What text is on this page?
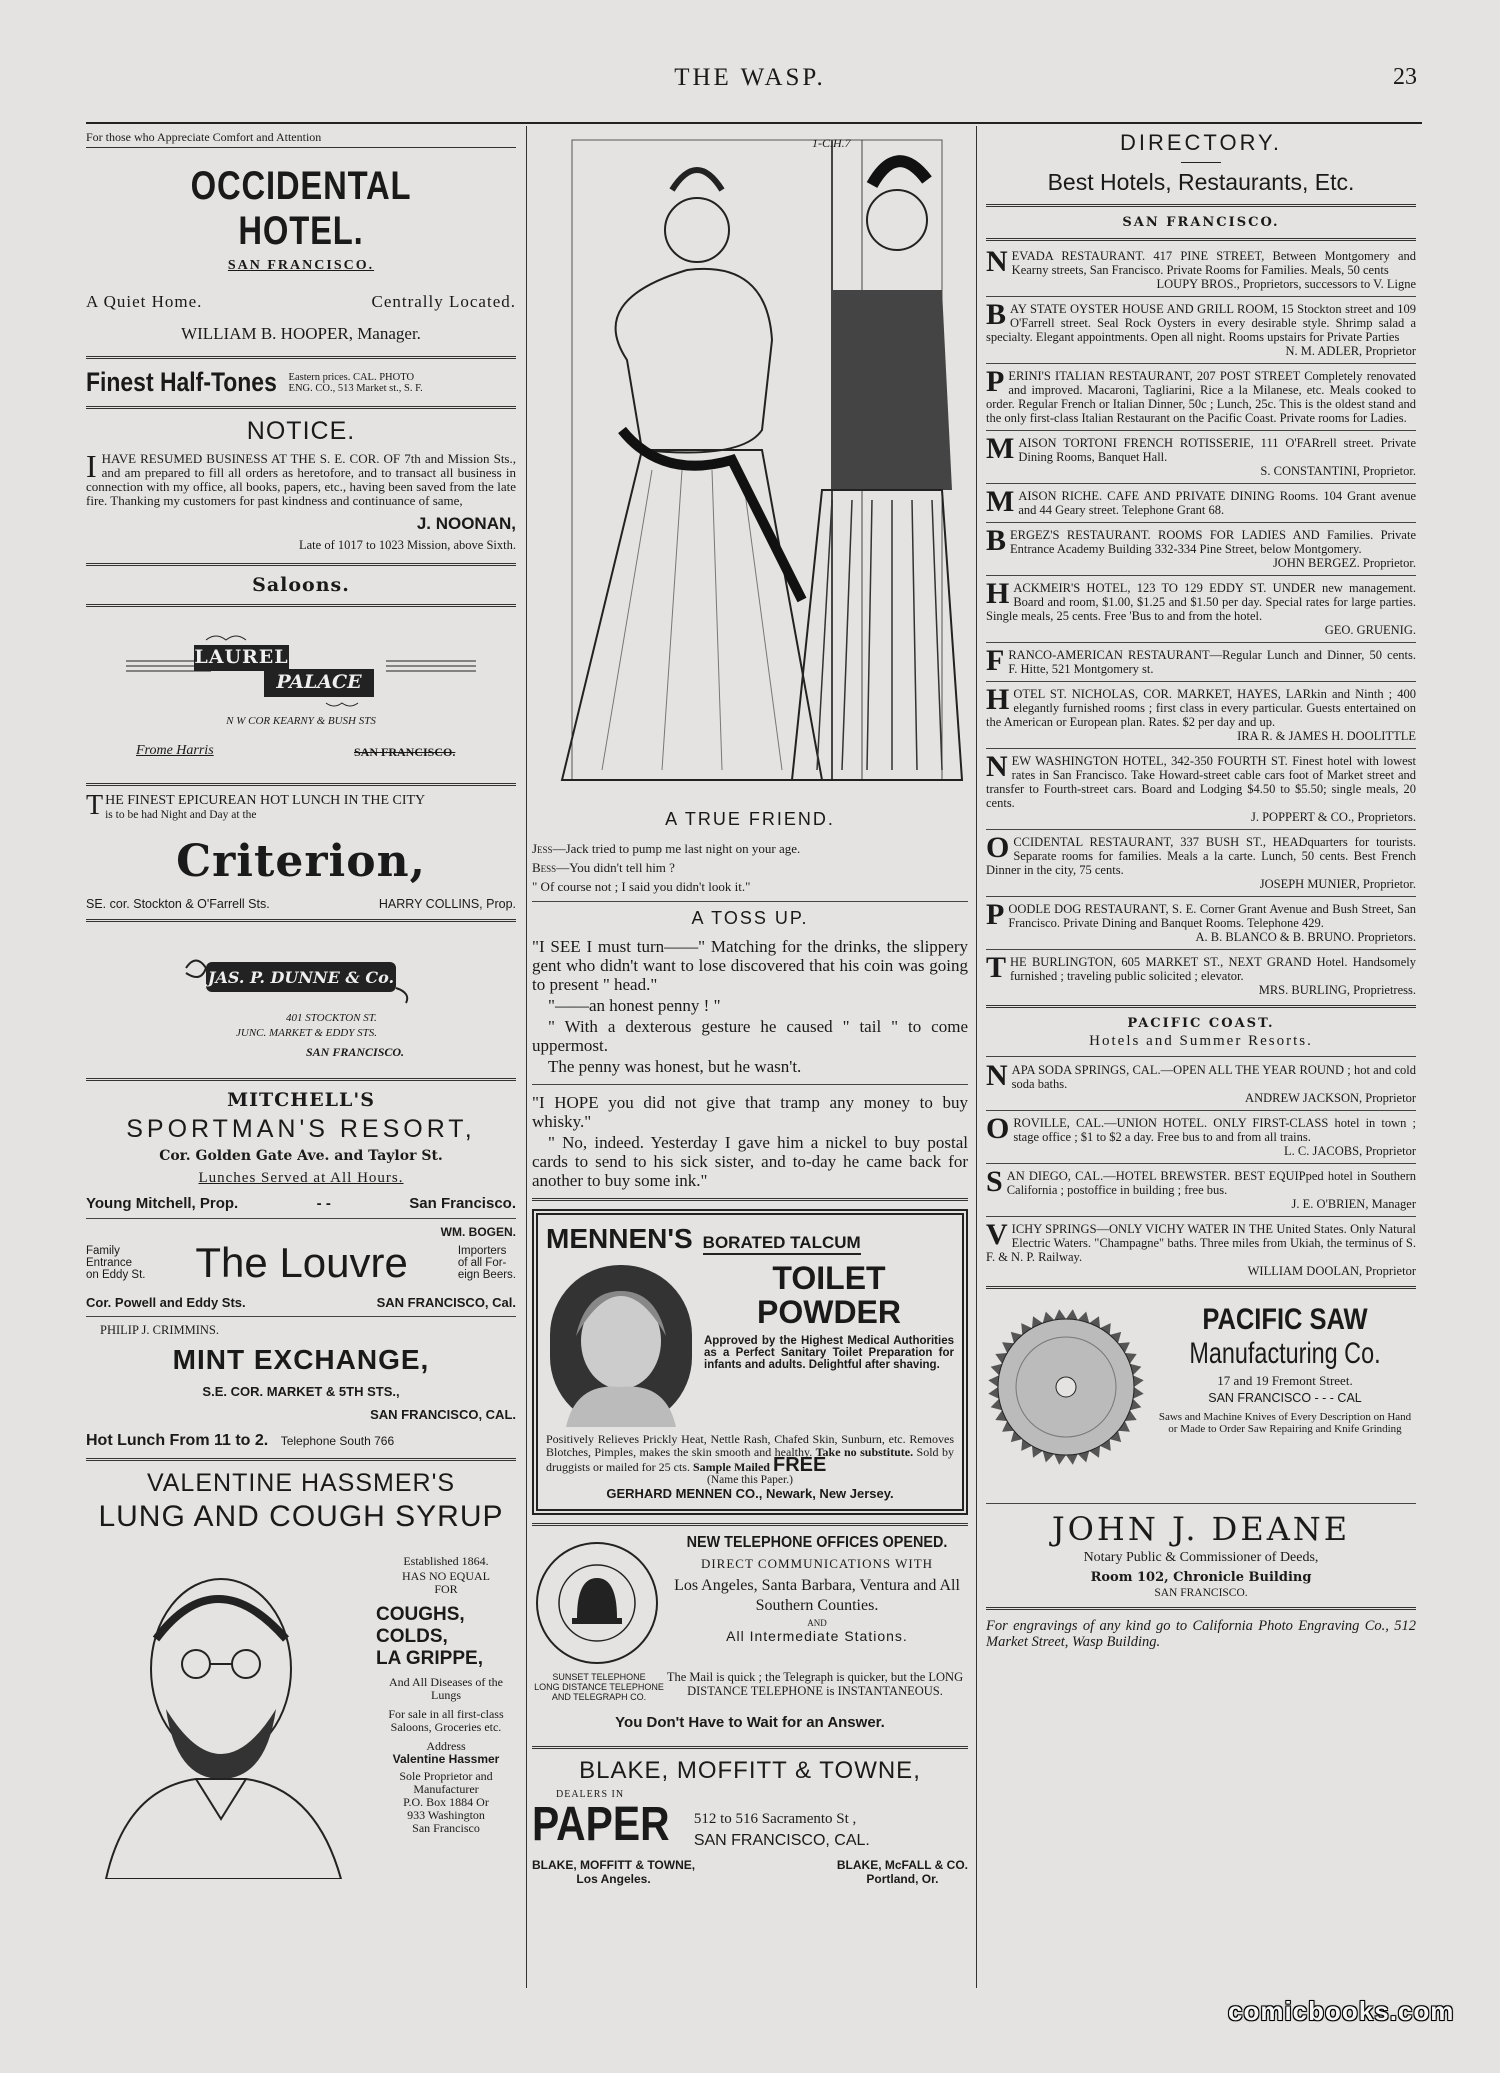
THE WASP.	23
For those who Appreciate Comfort and Attention
OCCIDENTAL HOTEL.
SAN FRANCISCO.
A Quiet Home.	Centrally Located.
WILLIAM B. HOOPER, Manager.
Finest Half-Tones Eastern prices. CAL. PHOTO
ENG. CO., 513 Market st., S. F.
NOTICE.
I HAVE RESUMED BUSINESS AT THE S. E. COR. OF 7th and Mission Sts., and am prepared to fill all orders as heretofore, and to transact all business in connection with my office, all books, papers, etc., having been saved from the late fire. Thanking my customers for past kindness and continuance of same,
J. NOONAN,
Late of 1017 to 1023 Mission, above Sixth.
Saloons.
LAUREL
PALACE
N W COR KEARNY & BUSH STS
Frome Harris	SAN FRANCISCO.
T HE FINEST EPICUREAN HOT LUNCH IN THE CITY
is to be had Night and Day at the
Criterion,
SE. cor. Stockton & O'Farrell Sts.	HARRY COLLINS, Prop.
JAS. P. DUNNE & Co.
401 STOCKTON ST.
JUNC. MARKET & EDDY STS.
SAN FRANCISCO.
MITCHELL'S
SPORTMAN'S RESORT,
Cor. Golden Gate Ave. and Taylor St.
Lunches Served at All Hours.
Young Mitchell, Prop.	- -	San Francisco.
WM. BOGEN.
Family
Entrance
on Eddy St. The Louvre	Importers
of all For-
eign Beers.
Cor. Powell and Eddy Sts.	SAN FRANCISCO, Cal.
PHILIP J. CRIMMINS.
MINT EXCHANGE,
S.E. COR. MARKET & 5TH STS.,
SAN FRANCISCO, CAL.
Hot Lunch From 11 to 2. Telephone South 766
VALENTINE HASSMER'S
LUNG AND COUGH SYRUP
Established 1864.
HAS NO EQUAL
FOR
COUGHS,
COLDS,
LA GRIPPE,
And All Diseases of the Lungs
For sale in all first-class Saloons, Groceries etc.
Address
Valentine Hassmer
Sole Proprietor and Manufacturer
P.O. Box 1884 Or
933 Washington
San Francisco
1-C.H.7
A TRUE FRIEND.

Jess—Jack tried to pump me last night on your age.

Bess—You didn't tell him ?

" Of course not ; I said you didn't look it."

A TOSS UP.

"I SEE I must turn——" Matching for the drinks, the slippery gent who didn't want to lose discovered that his coin was going to present " head."

"——an honest penny ! "

" With a dexterous gesture he caused " tail " to come uppermost.

The penny was honest, but he wasn't.

"I HOPE you did not give that tramp any money to buy whisky."

" No, indeed. Yesterday I gave him a nickel to buy postal cards to send to his sick sister, and to-day he came back for another to buy some ink."

MENNEN'S BORATED TALCUM
TOILET
POWDER
Approved by the Highest Medical Authorities as a Perfect Sanitary Toilet Preparation for infants and adults. Delightful after shaving.
Positively Relieves Prickly Heat, Nettle Rash, Chafed Skin, Sunburn, etc. Removes Blotches, Pimples, makes the skin smooth and healthy. Take no substitute. Sold by druggists or mailed for 25 cts. Sample Mailed FREE
(Name this Paper.)
GERHARD MENNEN CO., Newark, New Jersey.
SUNSET TELEPHONE
LONG DISTANCE TELEPHONE
AND TELEGRAPH CO.
NEW TELEPHONE OFFICES OPENED.
DIRECT COMMUNICATIONS WITH
Los Angeles, Santa Barbara, Ventura and All Southern Counties.
AND
All Intermediate Stations.
The Mail is quick ; the Telegraph is quicker, but the LONG DISTANCE TELEPHONE is INSTANTANEOUS.
You Don't Have to Wait for an Answer.
BLAKE, MOFFITT & TOWNE,
DEALERS IN
PAPER 512 to 516 Sacramento St ,
SAN FRANCISCO, CAL.
BLAKE, MOFFITT & TOWNE,
Los Angeles.
BLAKE, McFALL & CO.
Portland, Or.
DIRECTORY.
Best Hotels, Restaurants, Etc.
SAN FRANCISCO.
NEVADA RESTAURANT. 417 PINE STREET, Between Montgomery and Kearny streets, San Francisco. Private Rooms for Families. Meals, 50 cents
LOUPY BROS., Proprietors, successors to V. Ligne
BAY STATE OYSTER HOUSE AND GRILL ROOM, 15 Stockton street and 109 O'Farrell street. Seal Rock Oysters in every desirable style. Shrimp salad a specialty. Elegant appointments. Open all night. Rooms upstairs for Private Parties
N. M. ADLER, Proprietor
PERINI'S ITALIAN RESTAURANT, 207 POST STREET Completely renovated and improved. Macaroni, Tagliarini, Rice a la Milanese, etc. Meals cooked to order. Regular French or Italian Dinner, 50c ; Lunch, 25c. This is the oldest stand and the only first-class Italian Restaurant on the Pacific Coast. Private rooms for Ladies.
MAISON TORTONI FRENCH ROTISSERIE, 111 O'FARrell street. Private Dining Rooms, Banquet Hall.
S. CONSTANTINI, Proprietor.
MAISON RICHE. CAFE AND PRIVATE DINING Rooms. 104 Grant avenue and 44 Geary street. Telephone Grant 68.
BERGEZ'S RESTAURANT. ROOMS FOR LADIES AND Families. Private Entrance Academy Building 332-334 Pine Street, below Montgomery.
JOHN BERGEZ. Proprietor.
HACKMEIR'S HOTEL, 123 TO 129 EDDY ST. UNDER new management. Board and room, $1.00, $1.25 and $1.50 per day. Special rates for large parties. Single meals, 25 cents. Free 'Bus to and from the hotel.
GEO. GRUENIG.
FRANCO-AMERICAN RESTAURANT—Regular Lunch and Dinner, 50 cents. F. Hitte, 521 Montgomery st.
HOTEL ST. NICHOLAS, COR. MARKET, HAYES, LARkin and Ninth ; 400 elegantly furnished rooms ; first class in every particular. Guests entertained on the American or European plan. Rates. $2 per day and up.
IRA R. & JAMES H. DOOLITTLE
NEW WASHINGTON HOTEL, 342-350 FOURTH ST. Finest hotel with lowest rates in San Francisco. Take Howard-street cable cars foot of Market street and transfer to Fourth-street cars. Board and Lodging $4.50 to $5.50; single meals, 20 cents.
J. POPPERT & CO., Proprietors.
OCCIDENTAL RESTAURANT, 337 BUSH ST., HEADquarters for tourists. Separate rooms for families. Meals a la carte. Lunch, 50 cents. Best French Dinner in the city, 75 cents.
JOSEPH MUNIER, Proprietor.
POODLE DOG RESTAURANT, S. E. Corner Grant Avenue and Bush Street, San Francisco. Private Dining and Banquet Rooms. Telephone 429.
A. B. BLANCO & B. BRUNO. Proprietors.
THE BURLINGTON, 605 MARKET ST., NEXT GRAND Hotel. Handsomely furnished ; traveling public solicited ; elevator.
MRS. BURLING, Proprietress.
PACIFIC COAST.
Hotels and Summer Resorts.
NAPA SODA SPRINGS, CAL.—OPEN ALL THE YEAR ROUND ; hot and cold soda baths.
ANDREW JACKSON, Proprietor
OROVILLE, CAL.—UNION HOTEL. ONLY FIRST-CLASS hotel in town ; stage office ; $1 to $2 a day. Free bus to and from all trains.
L. C. JACOBS, Proprietor
SAN DIEGO, CAL.—HOTEL BREWSTER. BEST EQUIPped hotel in Southern California ; postoffice in building ; free bus.
J. E. O'BRIEN, Manager
VICHY SPRINGS—ONLY VICHY WATER IN THE United States. Only Natural Electric Waters. "Champagne" baths. Three miles from Ukiah, the terminus of S. F. & N. P. Railway.
WILLIAM DOOLAN, Proprietor
PACIFIC SAW
Manufacturing Co.
17 and 19 Fremont Street.
SAN FRANCISCO - - - CAL
Saws and Machine Knives of Every Description on Hand or Made to Order Saw Repairing and Knife Grinding
JOHN J. DEANE
Notary Public & Commissioner of Deeds,
Room 102, Chronicle Building
SAN FRANCISCO.
For engravings of any kind go to California Photo Engraving Co., 512 Market Street, Wasp Building.
comicbooks.com
